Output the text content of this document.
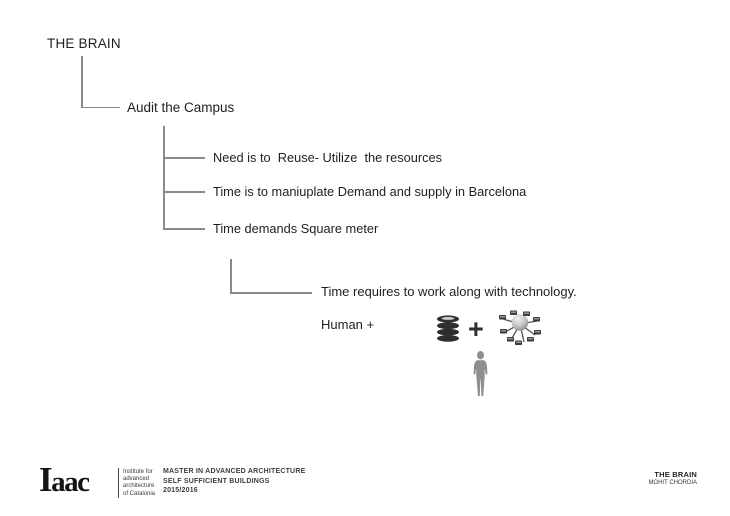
THE BRAIN
Audit the Campus
Need is to  Reuse- Utilize  the resources
Time is to maniuplate Demand and supply in Barcelona
Time demands Square meter
Time requires to work along with technology.
Human +	+
Iaac	Institute for
advanced
architecture
of Catalonia
MASTER IN ADVANCED ARCHITECTURE
SELF SUFFICIENT BUILDINGS
2015/2016
THE BRAIN
MOHIT CHORDIA
